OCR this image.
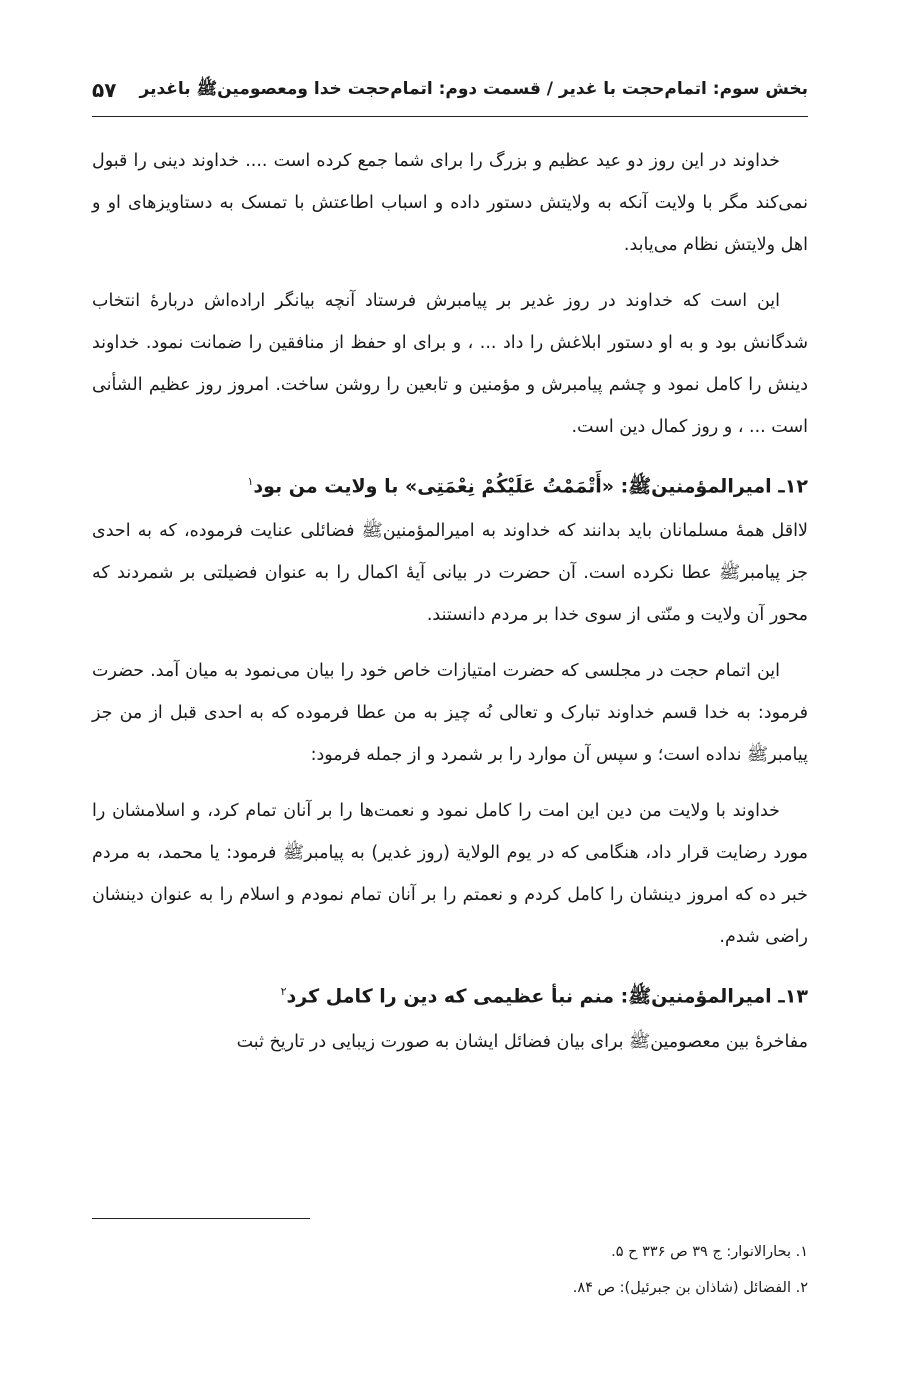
بخش سوم: اتمام‌حجت با غدیر / قسمت دوم: اتمام‌حجت خدا ومعصومین‌ﷺ باغدیر
۵۷

خداوند در این روز دو عید عظیم و بزرگ را برای شما جمع کرده است .... خداوند دینی را قبول نمی‌کند مگر با ولایت آنکه به ولایتش دستور داده و اسباب اطاعتش با تمسک به دستاویزهای او و اهل ولایتش نظام می‌یابد.

این است که خداوند در روز غدیر بر پیامبرش فرستاد آنچه بیانگر اراده‌اش دربارهٔ انتخاب شدگانش بود و به او دستور ابلاغش را داد ... ، و برای او حفظ از منافقین را ضمانت نمود. خداوند دینش را کامل نمود و چشم پیامبرش و مؤمنین و تابعین را روشن ساخت. امروز روز عظیم الشأنی است ... ، و روز کمال دین است.

۱۲ـ امیرالمؤمنین‌ﷺ: «أَتْمَمْتُ عَلَیْکُمْ نِعْمَتِی» با ولایت من بود$^۱$

لااقل همهٔ مسلمانان باید بدانند که خداوند به امیرالمؤمنین‌ﷺ فضائلی عنایت فرموده، که به احدی جز پیامبرﷺ عطا نکرده است. آن حضرت در بیانی آیهٔ اکمال را به عنوان فضیلتی بر شمردند که محور آن ولایت و منّتی از سوی خدا بر مردم دانستند.

این اتمام حجت در مجلسی که حضرت امتیازات خاص خود را بیان می‌نمود به میان آمد. حضرت فرمود: به خدا قسم خداوند تبارک و تعالی نُه چیز به من عطا فرموده که به احدی قبل از من جز پیامبرﷺ نداده است؛ و سپس آن موارد را بر شمرد و از جمله فرمود:

خداوند با ولایت من دین این امت را کامل نمود و نعمت‌ها را بر آنان تمام کرد، و اسلامشان را مورد رضایت قرار داد، هنگامی که در یوم الولایة (روز غدیر) به پیامبرﷺ فرمود: یا محمد، به مردم خبر ده که امروز دینشان را کامل کردم و نعمتم را بر آنان تمام نمودم و اسلام را به عنوان دینشان راضی شدم.

۱۳ـ امیرالمؤمنین‌ﷺ: منم نبأ عظیمی که دین را کامل کرد$^۲$

مفاخرهٔ بین معصومین‌ﷺ برای بیان فضائل ایشان به صورت زیبایی در تاریخ ثبت

۱. بحارالانوار: ج ۳۹ ص ۳۳۶ ح ۵.

۲. الفضائل (شاذان بن جبرئیل): ص ۸۴.
